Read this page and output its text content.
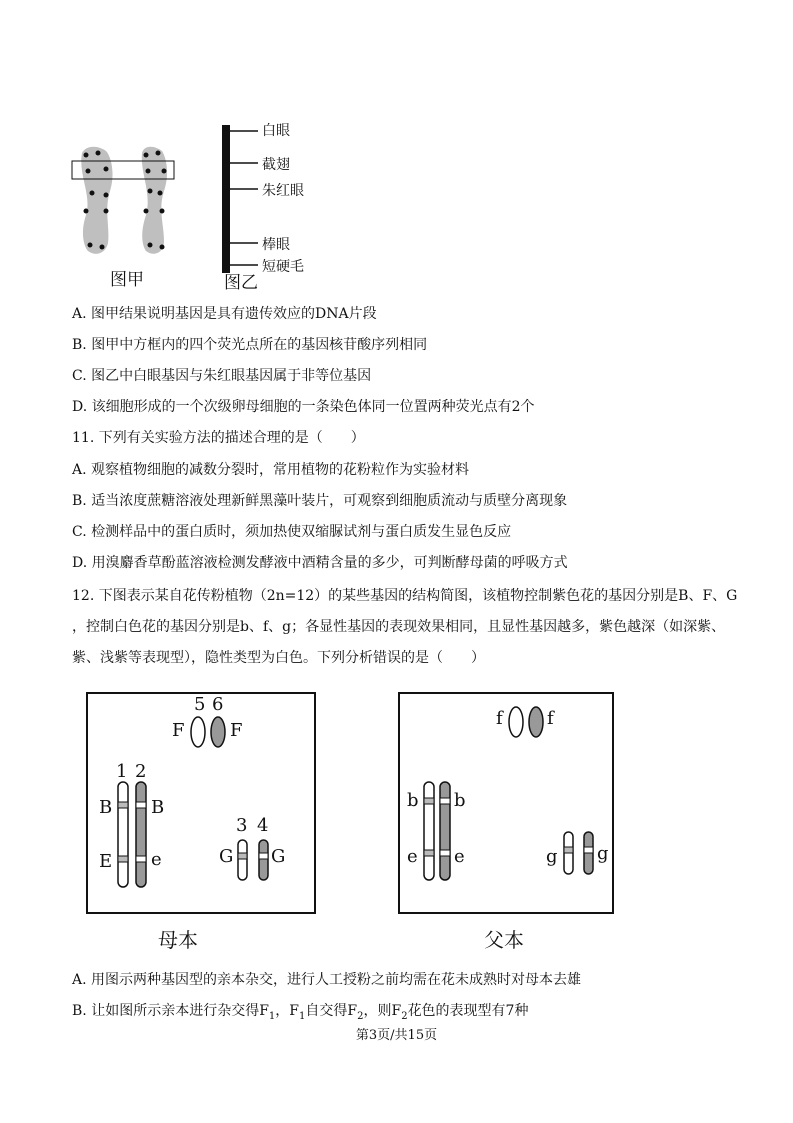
白眼
截翅
朱红眼
棒眼
短硬毛
图甲	图乙
A. 图甲结果说明基因是具有遗传效应的DNA片段
B. 图甲中方框内的四个荧光点所在的基因核苷酸序列相同
C. 图乙中白眼基因与朱红眼基因属于非等位基因
D. 该细胞形成的一个次级卵母细胞的一条染色体同一位置两种荧光点有2个
11. 下列有关实验方法的描述合理的是（　　）
A. 观察植物细胞的减数分裂时，常用植物的花粉粒作为实验材料
B. 适当浓度蔗糖溶液处理新鲜黑藻叶装片，可观察到细胞质流动与质壁分离现象
C. 检测样品中的蛋白质时，须加热使双缩脲试剂与蛋白质发生显色反应
D. 用溴麝香草酚蓝溶液检测发酵液中酒精含量的多少，可判断酵母菌的呼吸方式
12. 下图表示某自花传粉植物（2n=12）的某些基因的结构简图，该植物控制紫色花的基因分别是B、F、G
，控制白色花的基因分别是b、f、g；各显性基因的表现效果相同，且显性基因越多，紫色越深（如深紫、
紫、浅紫等表现型），隐性类型为白色。下列分析错误的是（　　）
5 6
F	F
1 2
B B
E e
3 4
G G
母本
f f
b b
e e	g g
父本
A. 用图示两种基因型的亲本杂交，进行人工授粉之前均需在花未成熟时对母本去雄
B. 让如图所示亲本进行杂交得$F_1$，$F_1$自交得$F_2$，则$F_2$花色的表现型有7种
第3页/共15页
